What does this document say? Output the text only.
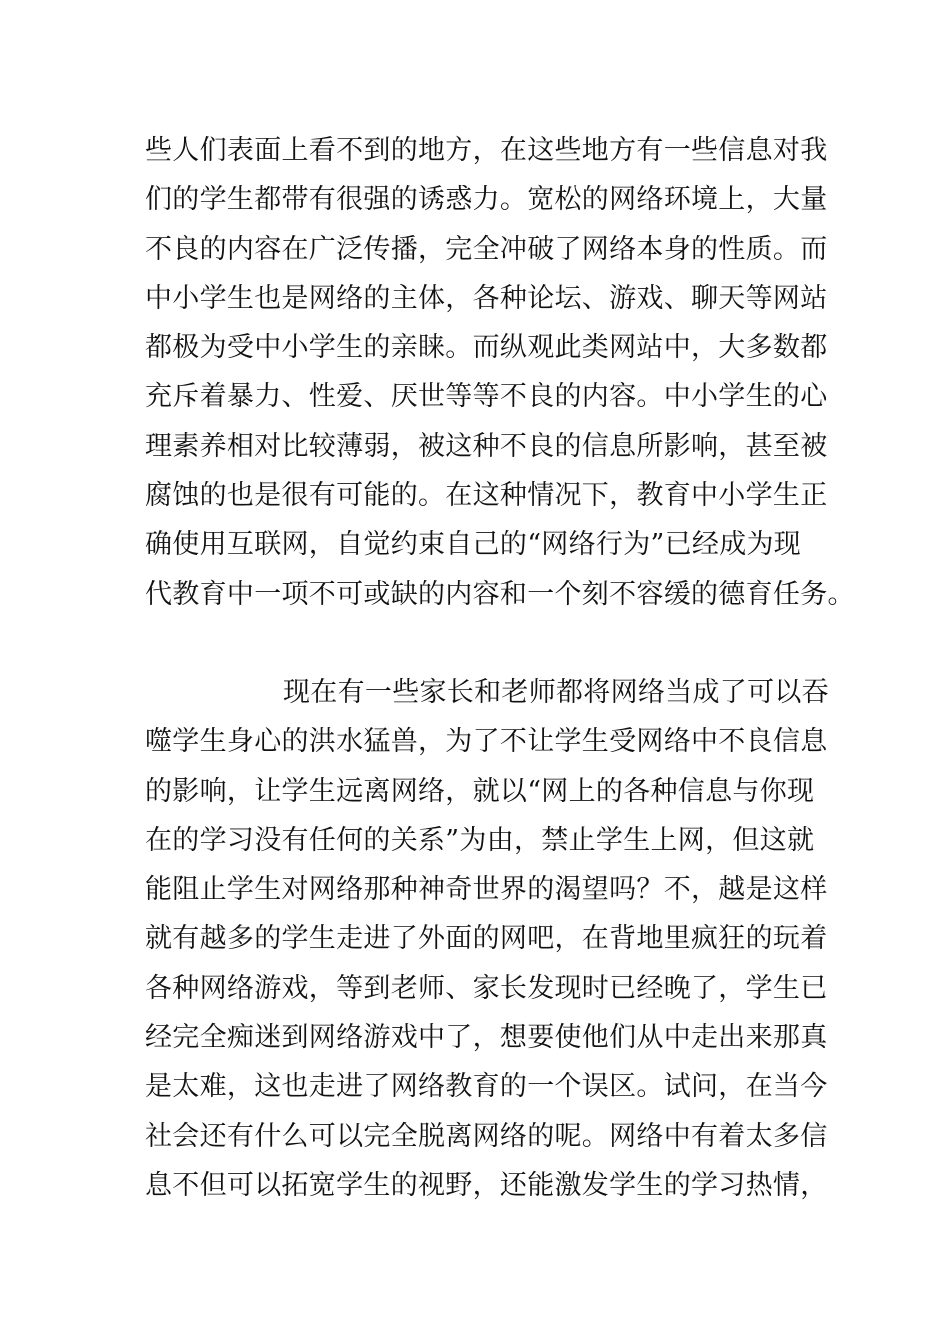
些人们表面上看不到的地方，在这些地方有一些信息对我
们的学生都带有很强的诱惑力。宽松的网络环境上，大量
不良的内容在广泛传播，完全冲破了网络本身的性质。而
中小学生也是网络的主体，各种论坛、游戏、聊天等网站
都极为受中小学生的亲睐。而纵观此类网站中，大多数都
充斥着暴力、性爱、厌世等等不良的内容。中小学生的心
理素养相对比较薄弱，被这种不良的信息所影响，甚至被
腐蚀的也是很有可能的。在这种情况下，教育中小学生正
确使用互联网，自觉约束自己的“网络行为”已经成为现
代教育中一项不可或缺的内容和一个刻不容缓的德育任务。
现在有一些家长和老师都将网络当成了可以吞
噬学生身心的洪水猛兽，为了不让学生受网络中不良信息
的影响，让学生远离网络，就以“网上的各种信息与你现
在的学习没有任何的关系”为由，禁止学生上网，但这就
能阻止学生对网络那种神奇世界的渴望吗？不，越是这样
就有越多的学生走进了外面的网吧，在背地里疯狂的玩着
各种网络游戏，等到老师、家长发现时已经晚了，学生已
经完全痴迷到网络游戏中了，想要使他们从中走出来那真
是太难，这也走进了网络教育的一个误区。试问，在当今
社会还有什么可以完全脱离网络的呢。网络中有着太多信
息不但可以拓宽学生的视野，还能激发学生的学习热情，
